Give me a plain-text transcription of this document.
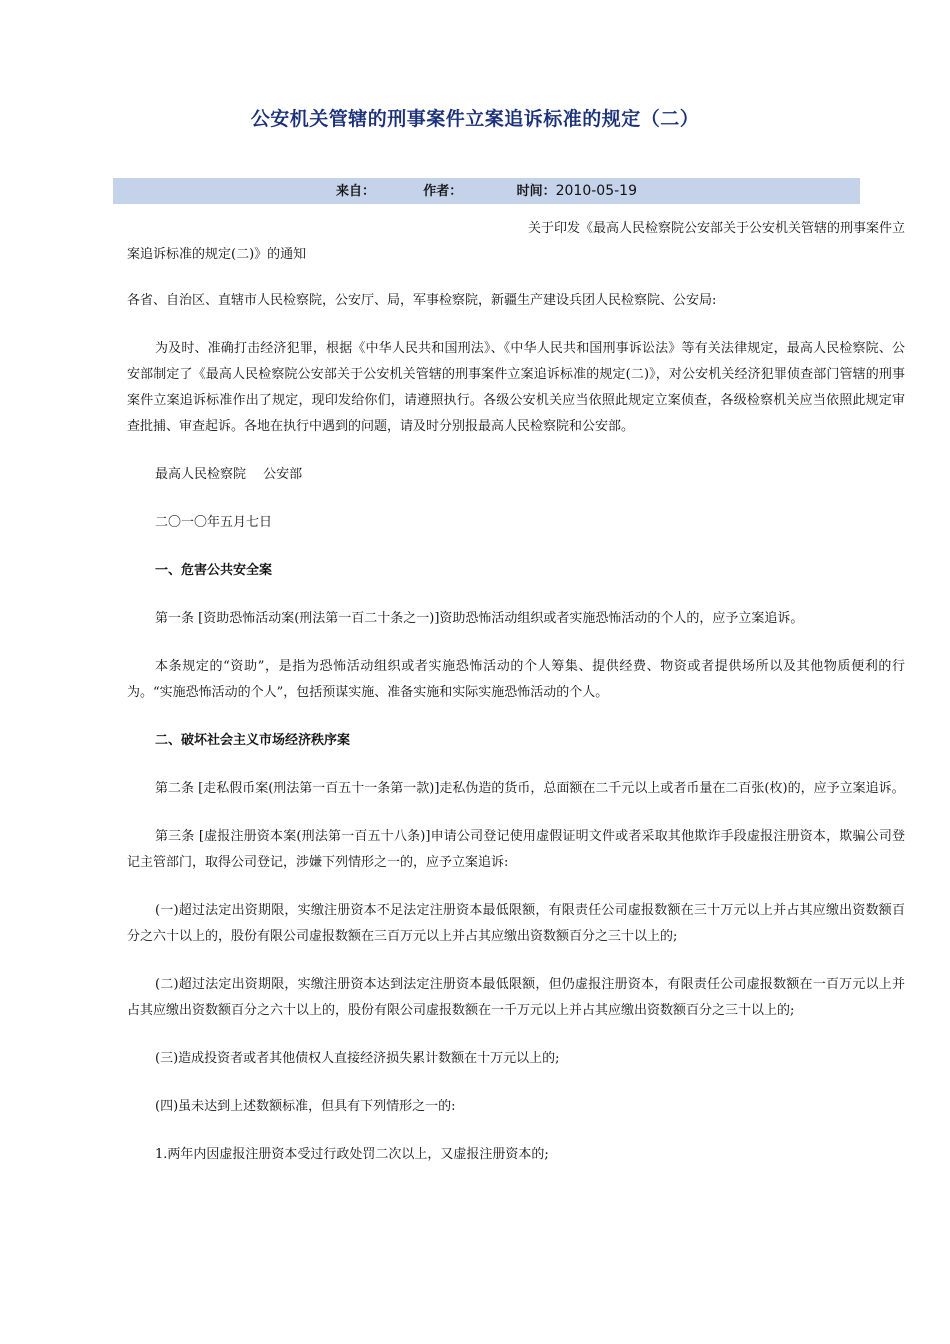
公安机关管辖的刑事案件立案追诉标准的规定（二）
来自：	作者：	时间：2010-05-19

关于印发《最高人民检察院公安部关于公安机关管辖的刑事案件立
案追诉标准的规定(二)》的通知

各省、自治区、直辖市人民检察院，公安厅、局，军事检察院，新疆生产建设兵团人民检察院、公安局:

为及时、准确打击经济犯罪，根据《中华人民共和国刑法》、《中华人民共和国刑事诉讼法》等有关法律规定，最高人民检察院、公安部制定了《最高人民检察院公安部关于公安机关管辖的刑事案件立案追诉标准的规定(二)》，对公安机关经济犯罪侦查部门管辖的刑事案件立案追诉标准作出了规定，现印发给你们，请遵照执行。各级公安机关应当依照此规定立案侦查，各级检察机关应当依照此规定审查批捕、审查起诉。各地在执行中遇到的问题，请及时分别报最高人民检察院和公安部。

最高人民检察院　 公安部

二〇一〇年五月七日

一、危害公共安全案

第一条 [资助恐怖活动案(刑法第一百二十条之一)]资助恐怖活动组织或者实施恐怖活动的个人的，应予立案追诉。

本条规定的“资助”，是指为恐怖活动组织或者实施恐怖活动的个人筹集、提供经费、物资或者提供场所以及其他物质便利的行为。“实施恐怖活动的个人”，包括预谋实施、准备实施和实际实施恐怖活动的个人。

二、破坏社会主义市场经济秩序案

第二条 [走私假币案(刑法第一百五十一条第一款)]走私伪造的货币，总面额在二千元以上或者币量在二百张(枚)的，应予立案追诉。

第三条 [虚报注册资本案(刑法第一百五十八条)]申请公司登记使用虚假证明文件或者采取其他欺诈手段虚报注册资本，欺骗公司登记主管部门，取得公司登记，涉嫌下列情形之一的，应予立案追诉:

(一)超过法定出资期限，实缴注册资本不足法定注册资本最低限额，有限责任公司虚报数额在三十万元以上并占其应缴出资数额百分之六十以上的，股份有限公司虚报数额在三百万元以上并占其应缴出资数额百分之三十以上的;

(二)超过法定出资期限，实缴注册资本达到法定注册资本最低限额，但仍虚报注册资本，有限责任公司虚报数额在一百万元以上并占其应缴出资数额百分之六十以上的，股份有限公司虚报数额在一千万元以上并占其应缴出资数额百分之三十以上的;

(三)造成投资者或者其他债权人直接经济损失累计数额在十万元以上的;

(四)虽未达到上述数额标准，但具有下列情形之一的:

1.两年内因虚报注册资本受过行政处罚二次以上，又虚报注册资本的;
